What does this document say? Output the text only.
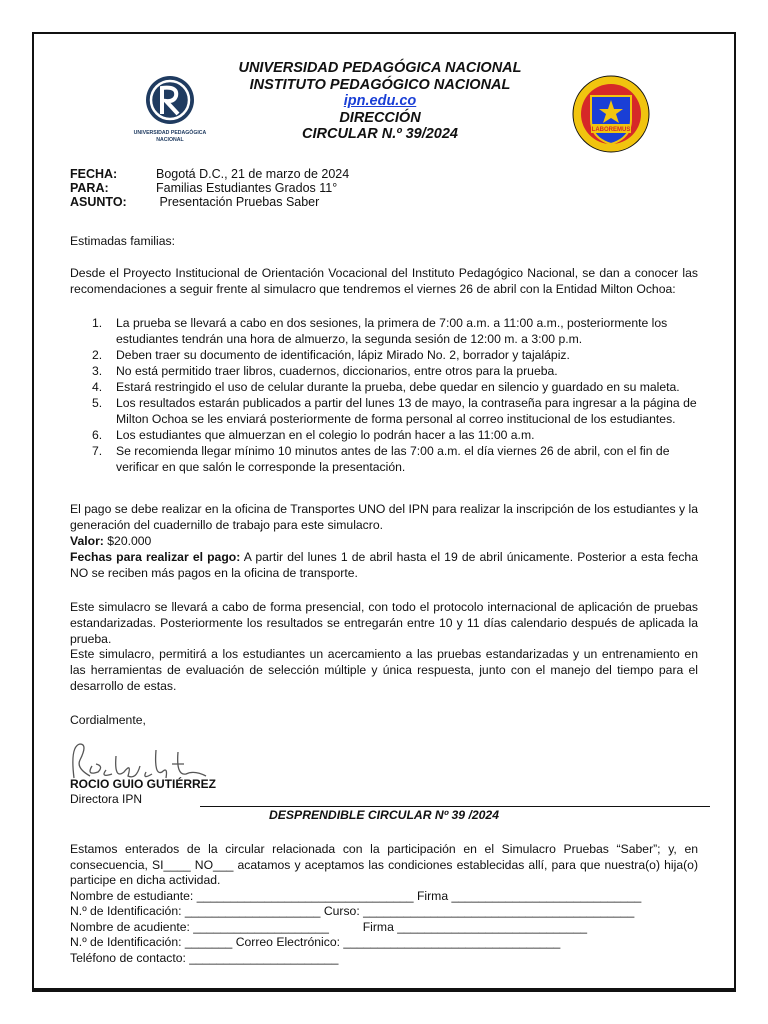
UNIVERSIDAD PEDAGÓGICA
NACIONAL
UNIVERSIDAD PEDAGÓGICA NACIONAL
INSTITUTO PEDAGÓGICO NACIONAL
ipn.edu.co
DIRECCIÓN
CIRCULAR N.º 39/2024	LABOREMUS
FECHA:	Bogotá D.C., 21 de marzo de 2024
PARA:	Familias Estudiantes Grados 11°
ASUNTO:	Presentación Pruebas Saber
Estimadas familias:
Desde el Proyecto Institucional de Orientación Vocacional del Instituto Pedagógico Nacional, se dan a conocer las recomendaciones a seguir frente al simulacro que tendremos el viernes 26 de abril con la Entidad Milton Ochoa:
1.	La prueba se llevará a cabo en dos sesiones, la primera de 7:00 a.m. a 11:00 a.m., posteriormente los estudiantes tendrán una hora de almuerzo, la segunda sesión de 12:00 m. a 3:00 p.m.
2.	Deben traer su documento de identificación, lápiz Mirado No. 2, borrador y tajalápiz.
3.	No está permitido traer libros, cuadernos, diccionarios, entre otros para la prueba.
4.	Estará restringido el uso de celular durante la prueba, debe quedar en silencio y guardado en su maleta.
5.	Los resultados estarán publicados a partir del lunes 13 de mayo, la contraseña para ingresar a la página de Milton Ochoa se les enviará posteriormente de forma personal al correo institucional de los estudiantes.
6.	Los estudiantes que almuerzan en el colegio lo podrán hacer a las 11:00 a.m.
7.	Se recomienda llegar mínimo 10 minutos antes de las 7:00 a.m. el día viernes 26 de abril, con el fin de verificar en que salón le corresponde la presentación.
El pago se debe realizar en la oficina de Transportes UNO del IPN para realizar la inscripción de los estudiantes y la generación del cuadernillo de trabajo para este simulacro.
Valor: $20.000
Fechas para realizar el pago: A partir del lunes 1 de abril hasta el 19 de abril únicamente. Posterior a esta fecha NO se reciben más pagos en la oficina de transporte.
Este simulacro se llevará a cabo de forma presencial, con todo el protocolo internacional de aplicación de pruebas estandarizadas. Posteriormente los resultados se entregarán entre 10 y 11 días calendario después de aplicada la prueba.
Este simulacro, permitirá a los estudiantes un acercamiento a las pruebas estandarizadas y un entrenamiento en las herramientas de evaluación de selección múltiple y única respuesta, junto con el manejo del tiempo para el desarrollo de estas.
Cordialmente,
ROCIO GUIO GUTIÉRREZ
Directora IPN
DESPRENDIBLE CIRCULAR Nº 39 /2024
Estamos enterados de la circular relacionada con la participación en el Simulacro Pruebas “Saber”; y, en consecuencia, SI____ NO___ acatamos y aceptamos las condiciones establecidas allí, para que nuestra(o) hija(o) participe en dicha actividad.
Nombre de estudiante: ________________________________ Firma ____________________________
N.º de Identificación: ____________________ Curso: ________________________________________
Nombre de acudiente: ____________________          Firma ____________________________
N.º de Identificación: _______ Correo Electrónico: ________________________________
Teléfono de contacto: ______________________
